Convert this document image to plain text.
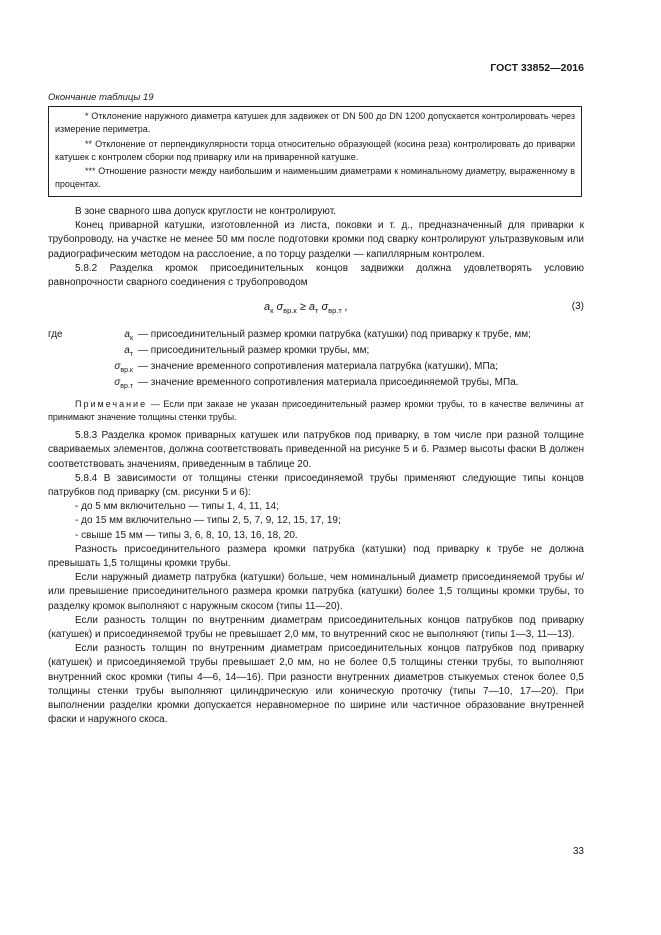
ГОСТ 33852—2016
Окончание таблицы 19

* Отклонение наружного диаметра катушек для задвижек от DN 500 до DN 1200 допускается контролировать через измерение периметра.

** Отклонение от перпендикулярности торца относительно образующей (косина реза) контролировать до приварки катушек с контролем сборки под приварку или на приваренной катушке.

*** Отношение разности между наибольшим и наименьшим диаметрами к номинальному диаметру, выраженному в процентах.

В зоне сварного шва допуск круглости не контролируют.

Конец приварной катушки, изготовленной из листа, поковки и т. д., предназначенный для приварки к трубопроводу, на участке не менее 50 мм после подготовки кромки под сварку контролируют ультразвуковым или радиографическим методом на расслоение, а по торцу разделки — капиллярным контролем.

5.8.2 Разделка кромок присоединительных концов задвижки должна удовлетворять условию равнопрочности сварного соединения с трубопроводом

$a_к$ $\sigma_{вр.к} \ge a_т$ $\sigma_{вр.т}$ ,	(3)
где	$a_к$ — присоединительный размер кромки патрубка (катушки) под приварку к трубе, мм;
$a_т$ — присоединительный размер кромки трубы, мм;
$\sigma_{вр.к}$ — значение временного сопротивления материала патрубка (катушки), МПа;
$\sigma_{вр.т}$ — значение временного сопротивления материала присоединяемой трубы, МПа.

Примечание — Если при заказе не указан присоединительный размер кромки трубы, то в качестве величины aт принимают значение толщины стенки трубы.

5.8.3 Разделка кромок приварных катушек или патрубков под приварку, в том числе при разной толщине свариваемых элементов, должна соответствовать приведенной на рисунке 5 и 6. Размер высоты фаски В должен соответствовать значениям, приведенным в таблице 20.

5.8.4 В зависимости от толщины стенки присоединяемой трубы применяют следующие типы концов патрубков под приварку (см. рисунки 5 и 6):

- до 5 мм включительно — типы 1, 4, 11, 14;
- до 15 мм включительно — типы 2, 5, 7, 9, 12, 15, 17, 19;
- свыше 15 мм — типы 3, 6, 8, 10, 13, 16, 18, 20.

Разность присоединительного размера кромки патрубка (катушки) под приварку к трубе не должна превышать 1,5 толщины кромки трубы.

Если наружный диаметр патрубка (катушки) больше, чем номинальный диаметр присоединяемой трубы и/или превышение присоединительного размера кромки патрубка (катушки) более 1,5 толщины кромки трубы, то разделку кромок выполняют с наружным скосом (типы 11—20).

Если разность толщин по внутренним диаметрам присоединительных концов патрубков под приварку (катушек) и присоединяемой трубы не превышает 2,0 мм, то внутренний скос не выполняют (типы 1—3, 11—13).

Если разность толщин по внутренним диаметрам присоединительных концов патрубков под приварку (катушек) и присоединяемой трубы превышает 2,0 мм, но не более 0,5 толщины стенки трубы, то выполняют внутренний скос кромки (типы 4—6, 14—16). При разности внутренних диаметров стыкуемых стенок более 0,5 толщины стенки трубы выполняют цилиндрическую или коническую проточку (типы 7—10, 17—20). При выполнении разделки кромки допускается неравномерное по ширине или частичное образование внутренней фаски и наружного скоса.

33
